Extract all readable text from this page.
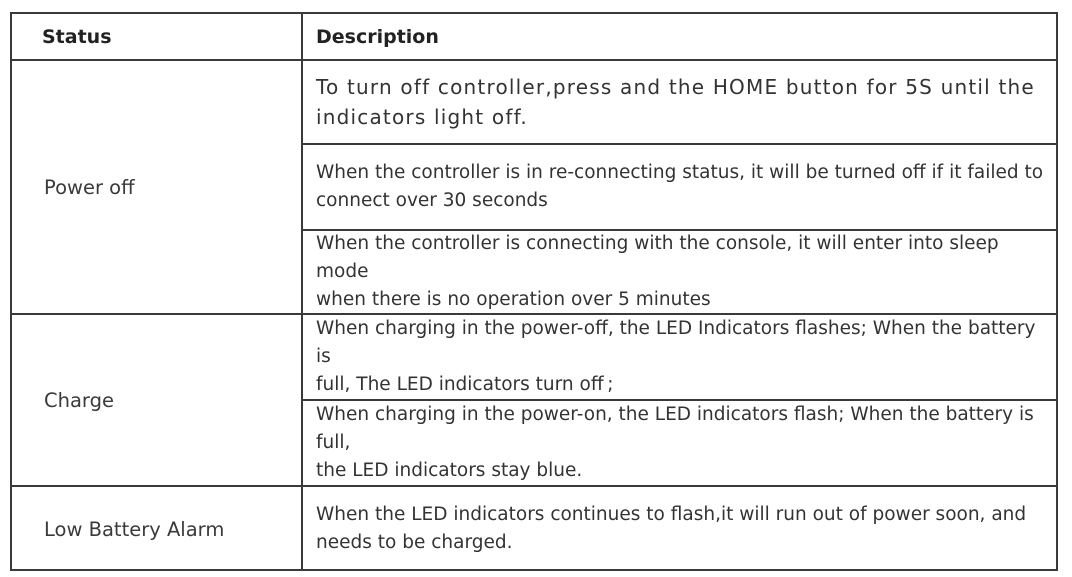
Status	Description
Power off
Charge
Low Battery Alarm
To turn off controller,press and the HOME button for 5S until the
indicators light off.
When the controller is in re-connecting status, it will be turned off if it failed to
connect over 30 seconds
When the controller is connecting with the console, it will enter into sleep mode
when there is no operation over 5 minutes
When charging in the power-off, the LED Indicators flashes; When the battery is
full, The LED indicators turn off ;
When charging in the power-on, the LED indicators flash; When the battery is full,
the LED indicators stay blue.
When the LED indicators continues to flash,it will run out of power soon, and
needs to be charged.
